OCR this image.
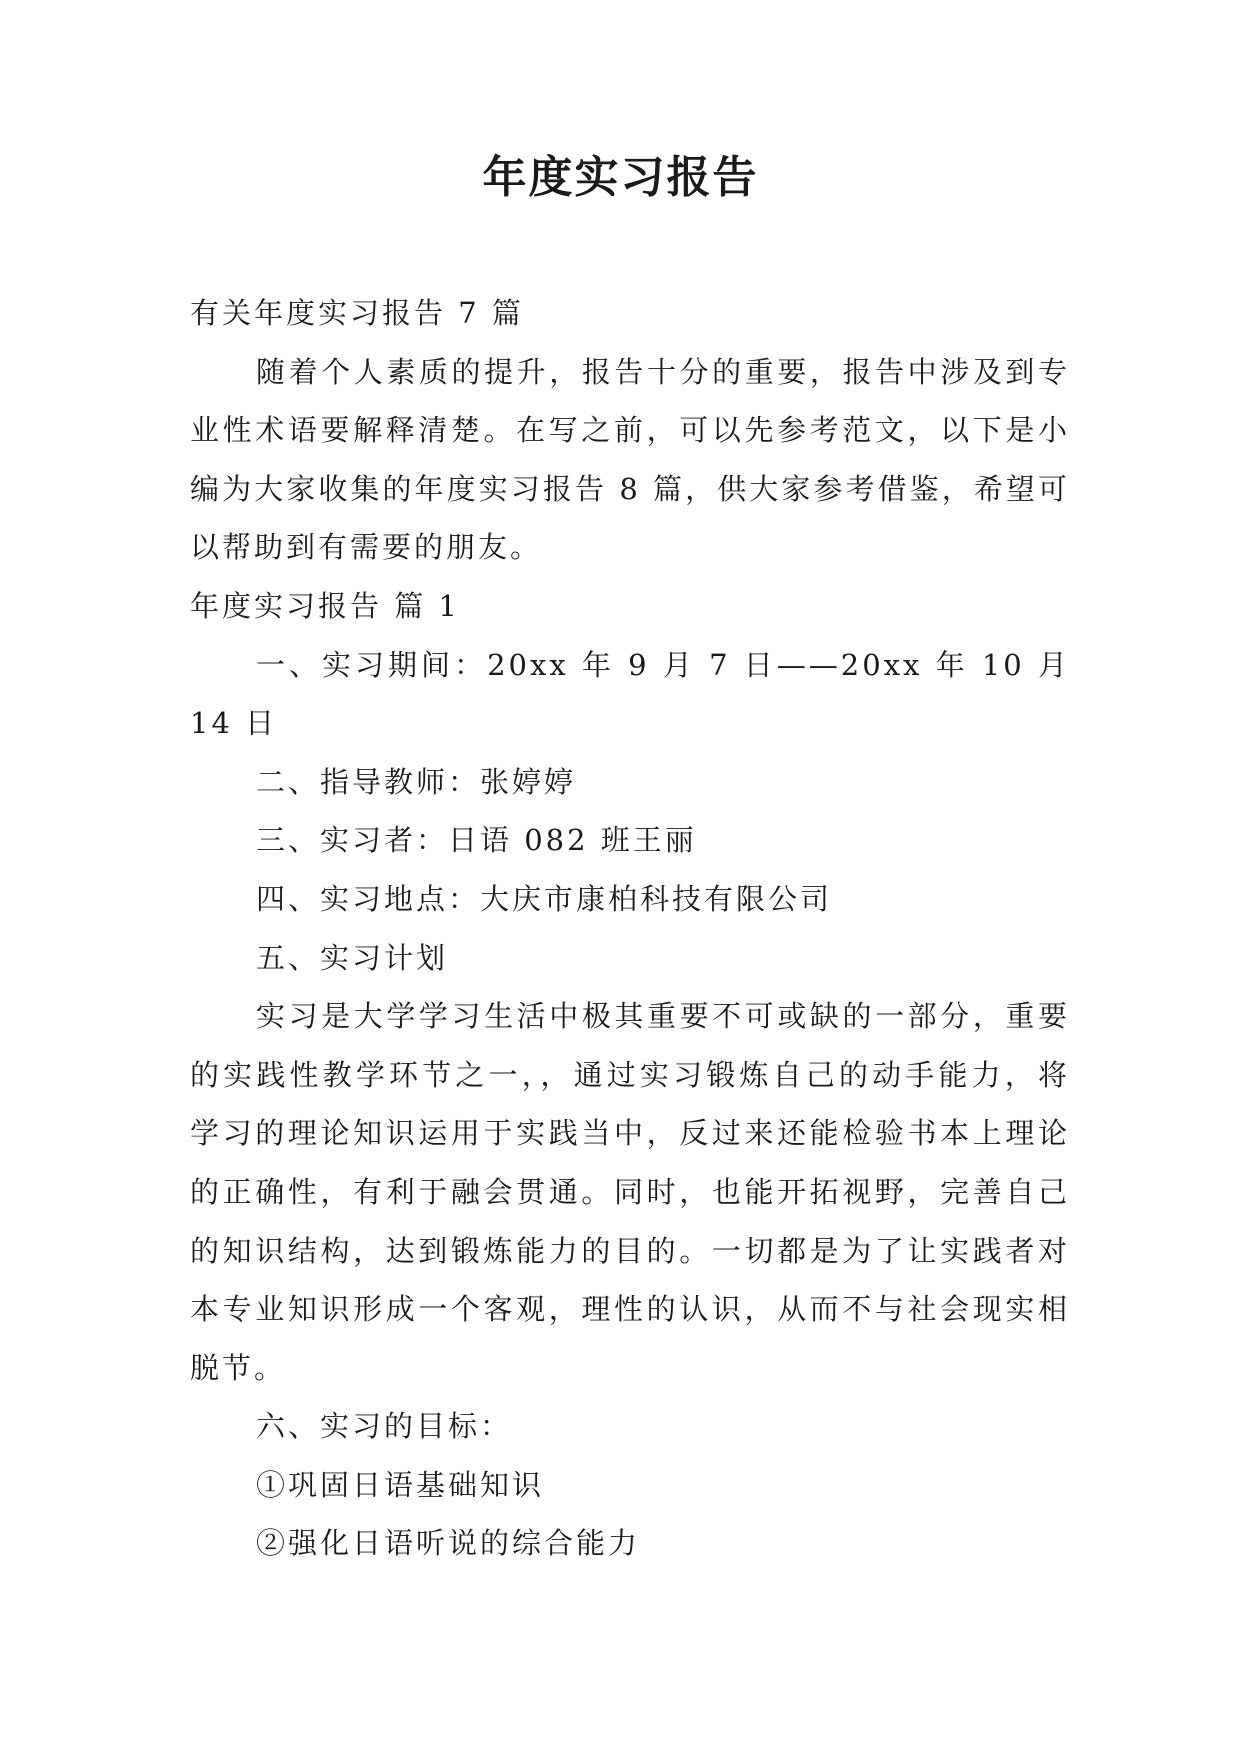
年度实习报告

有关年度实习报告 7 篇

随着个人素质的提升，报告十分的重要，报告中涉及到专业性术语要解释清楚。在写之前，可以先参考范文，以下是小编为大家收集的年度实习报告 8 篇，供大家参考借鉴，希望可以帮助到有需要的朋友。

年度实习报告 篇 1

一、实习期间：20xx 年 9 月 7 日——20xx 年 10 月 14 日

二、指导教师：张婷婷

三、实习者：日语 082 班王丽

四、实习地点：大庆市康柏科技有限公司

五、实习计划

实习是大学学习生活中极其重要不可或缺的一部分，重要的实践性教学环节之一，，通过实习锻炼自己的动手能力，将学习的理论知识运用于实践当中，反过来还能检验书本上理论的正确性，有利于融会贯通。同时，也能开拓视野，完善自己的知识结构，达到锻炼能力的目的。一切都是为了让实践者对本专业知识形成一个客观，理性的认识，从而不与社会现实相脱节。

六、实习的目标：

①巩固日语基础知识

②强化日语听说的综合能力
